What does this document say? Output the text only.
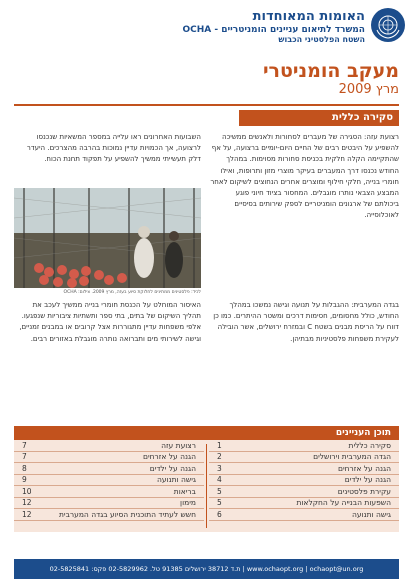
האומות המאוחדות
OCHA - המשרד לתיאום עניינים הומניטריים
השטח הפלסטיני הכבוש
מעקב הומניטרי
מרץ 2009
סקירה כללית
רצועת עזה: הסגירה של מעברים לסחורות ולאנשים ממשיכה להשפיע על היבטים רבים של החיים היום-יומיים ברצועה, על אף שהתקיימה הקלה חלקית בכניסת סחורות מסוימות. במהלך החודש נכנסו דרך המעברים בעיקר מוצרי מזון ותרופות, ואילו חומרי בנייה, חלקי חילוף ומוצרים אחרים הנחוצים לשיקום לאחר המבצע הצבאי נותרו מוגבלים. המחסור בציוד חיוני פוגע ביכולתם של ארגונים הומניטריים לספק שירותים בסיסיים לאוכלוסייה.
השבועות האחרונים ראו עלייה במספר המשאיות שנכנסו לרצועה, אך הכמויות עדיין נמוכות בהרבה מהצרכים. היעדר דלק תעשייתי ממשיך להשפיע על תפקוד תחנת הכוח.
לכיד: פלסטינים ממתינים לחלוקת סיוע בעזה, מרץ 2009. צילום: OCHA
האיסור המוחלט על הכנסת חומרי בנייה ממשיך לעכב את תהליך השיקום של בתים, בתי ספר ותשתיות ציבוריות שנפגעו. אלפי משפחות עדיין מתגוררות אצל קרובים או במבנים זמניים, וגישה לשירותי מים ותברואה נותרה מוגבלת באזורים רבים.
בגדה המערבית: ההגבלות על תנועה וגישה נמשכו במהלך החודש, כולל מחסומים, חסימות דרכים ומשטר ההיתרים. כמו כן דווח על הריסת מבנים בשטח C ובמזרח ירושלים, אשר הובילה לעקירת משפחות פלסטיניות מבתיהן.
תוכן העניינים
סקירה כללית
1
הגדה המערבית וירושלים
2
הגנה על אזרחים
3
הגנה על ילדים
4
עקירת פלסטינים
5
השפעות הבנייה על החקלאות
5
גישה ותנועה
6
רצועת עזה
7
הגנה על אזרחים
7
הגנה על ילדים
8
גישה ותנועה
9
בריאות
10
מימון
12
חשש לעתיד התוכנית הסיוע בגדה המערבית
12
ת.ד 38712 ירושלים 91385 טל. 02-5829962 פקס: 02-5825841 | www.ochaopt.org | ochaopt@un.org
